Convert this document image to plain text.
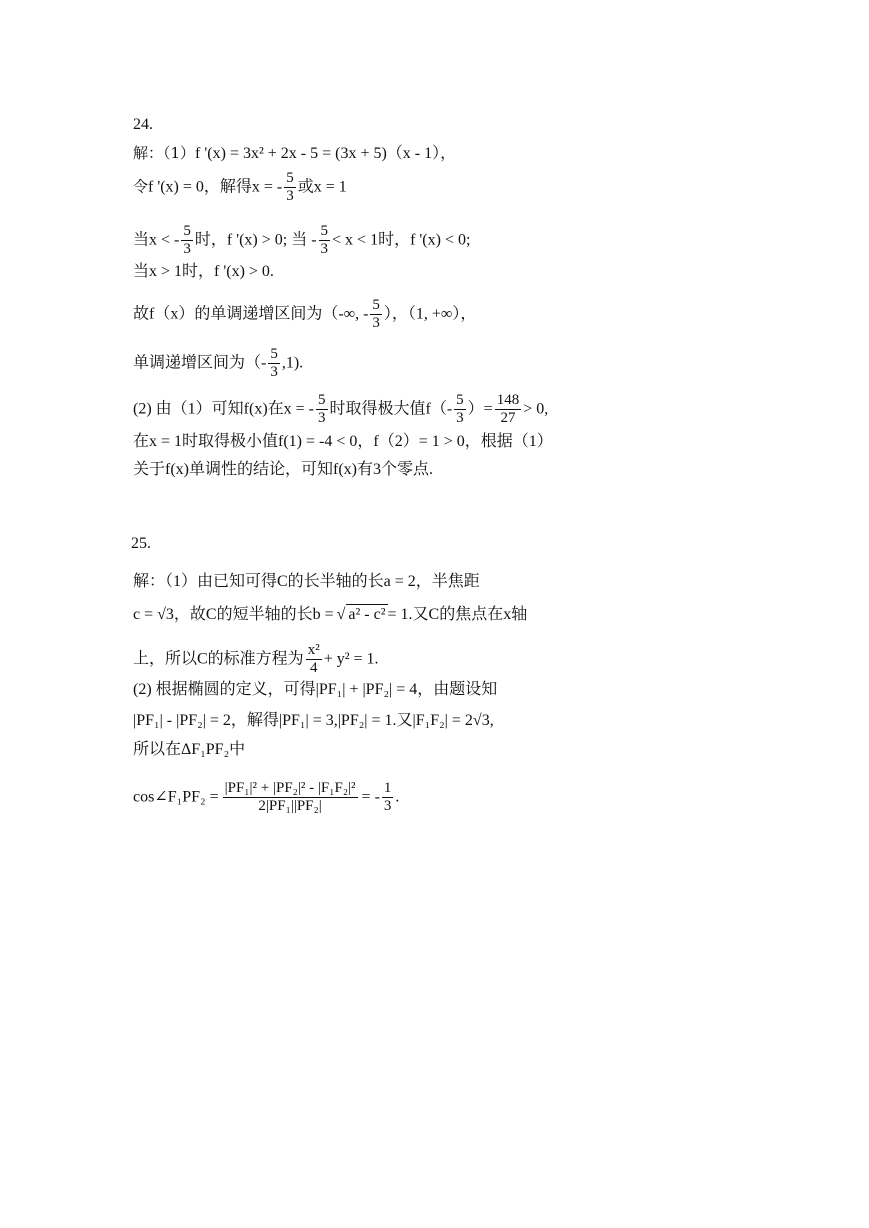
24.
解：（1）f '(x) = 3x² + 2x - 5 = (3x + 5)（x - 1），
令f '(x) = 0，解得x = - $\frac{5}{3}$ 或x = 1
当x < - $\frac{5}{3}$ 时，f '(x) > 0; 当 - $\frac{5}{3} < x < 1$时，f '(x) < 0;
当x > 1时，f '(x) > 0.
故f（x）的单调递增区间为（-∞, - $\frac{5}{3}$ ），（1, +∞），
单调递增区间为（- $\frac{5}{3} ,1$).
(2) 由（1）可知f(x)在x = - $\frac{5}{3}$ 时取得极大值$f(- \frac{5}{3}$ ）= $\frac{148}{27} > 0$,
在x = 1时取得极小值f(1) = -4 < 0，f（2）= 1 > 0，根据（1）
关于f(x)单调性的结论，可知f(x)有3个零点.
25.
解：（1）由已知可得C的长半轴的长a = 2，半焦距
c = √3，故C的短半轴的长b = √ a² - c² = 1.又C的焦点在x轴
上，所以C的标准方程为 $\frac{\text{x²}}{4} + y^2 = 1$.
(2) 根据椭圆的定义，可得|PF₁| + |PF₂| = 4，由题设知
|PF₁| - |PF₂| = 2，解得|PF₁| = 3,|PF₂| = 1.又|F₁F₂| = 2√3,
所以在ΔF₁PF₂中
cos∠F₁PF₂ = $\frac{\text{|PF₁|² + |PF₂|² - |F₁F₂|²}}{\text{2|PF₁||PF₂|}}$ = - $\frac{1}{3}$ .
